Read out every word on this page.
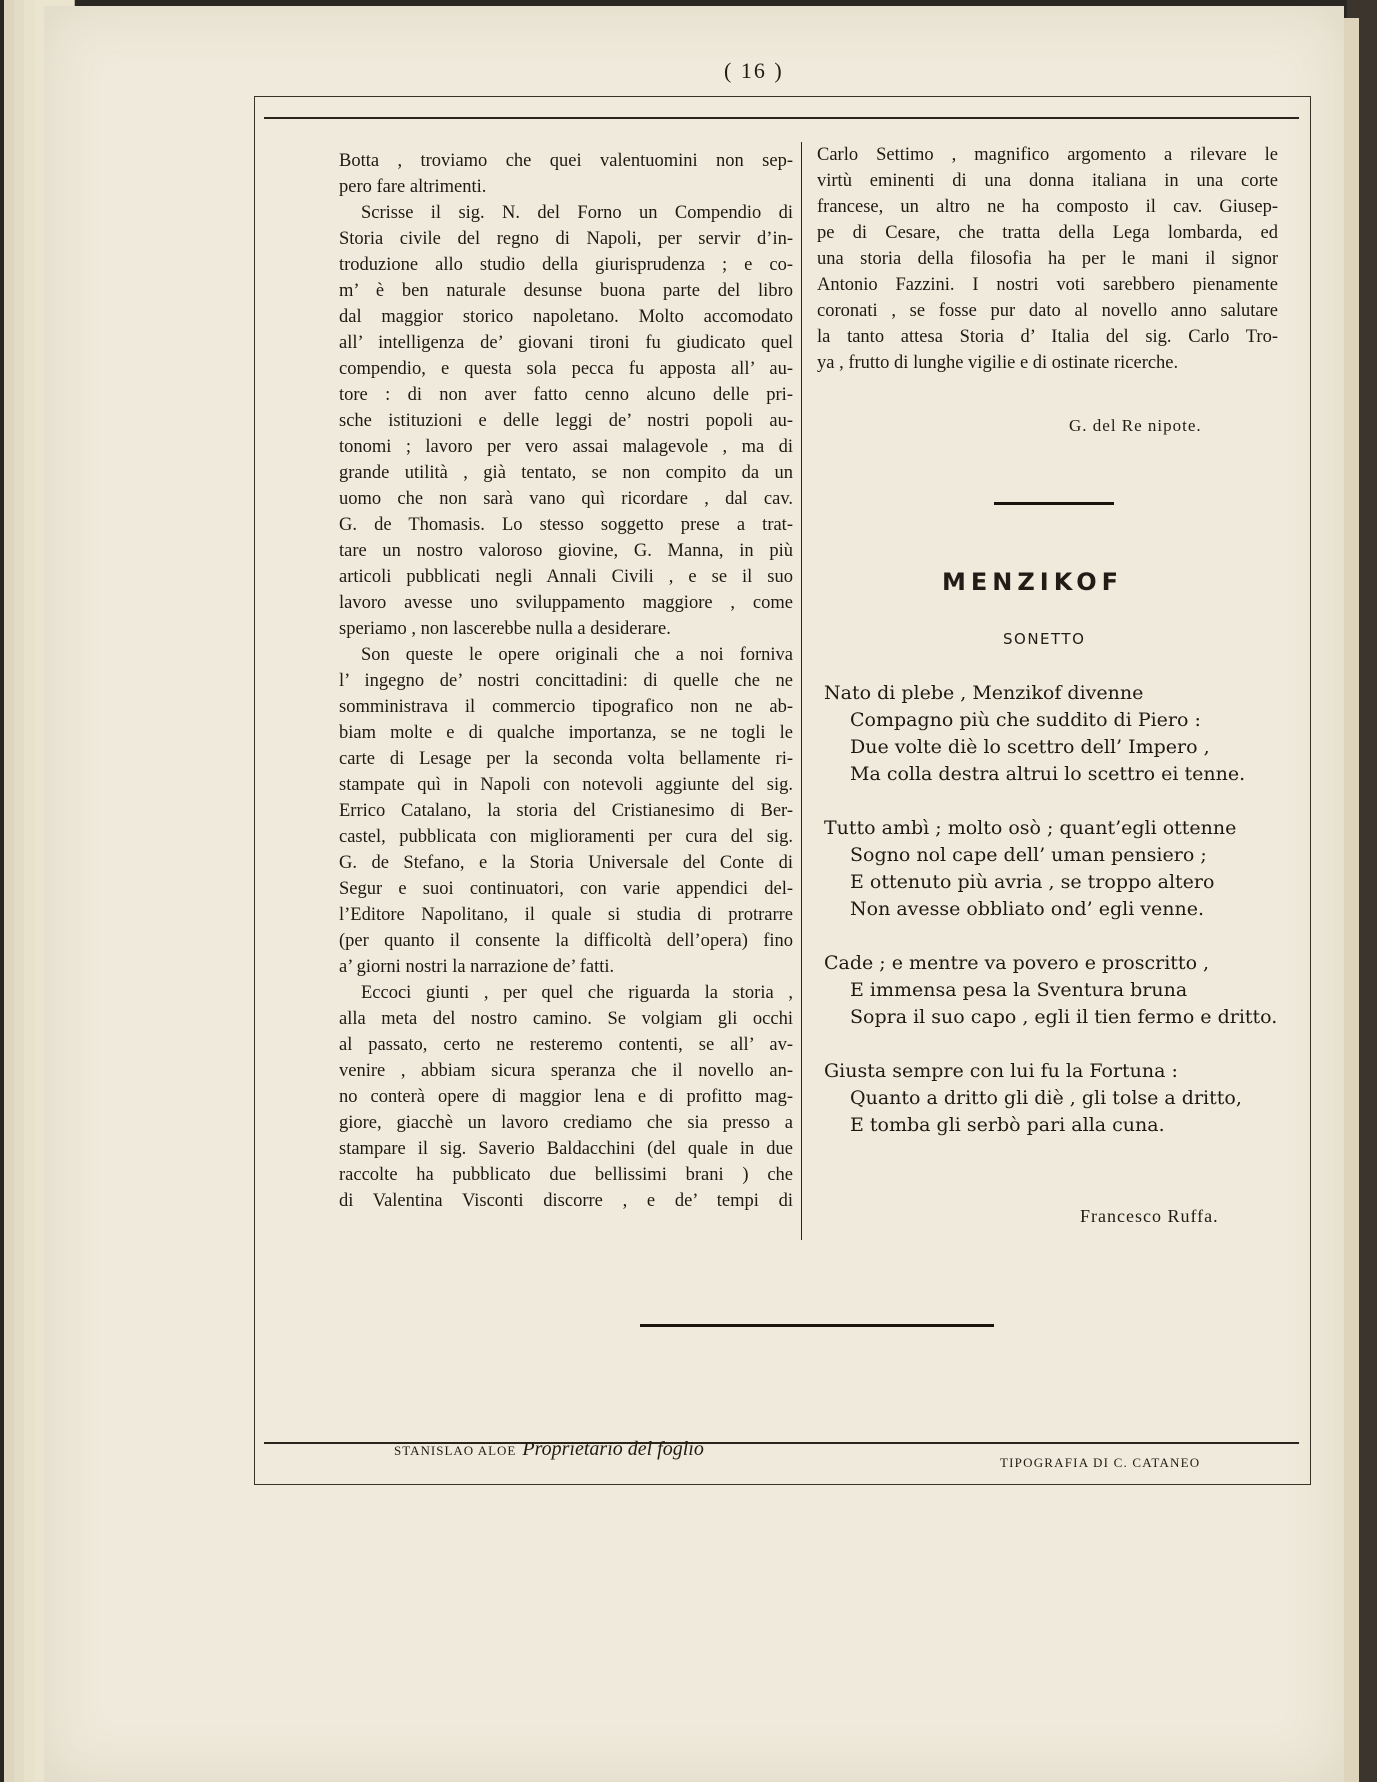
( 16 )
Botta , troviamo che quei valentuomini non sep-
pero fare altrimenti.
Scrisse il sig. N. del Forno un Compendio di
Storia civile del regno di Napoli, per servir d’in-
troduzione allo studio della giurisprudenza ; e co-
m’ è ben naturale desunse buona parte del libro
dal maggior storico napoletano. Molto accomodato
all’ intelligenza de’ giovani tironi fu giudicato quel
compendio, e questa sola pecca fu apposta all’ au-
tore : di non aver fatto cenno alcuno delle pri-
sche istituzioni e delle leggi de’ nostri popoli au-
tonomi ; lavoro per vero assai malagevole , ma di
grande utilità , già tentato, se non compito da un
uomo che non sarà vano quì ricordare , dal cav.
G. de Thomasis. Lo stesso soggetto prese a trat-
tare un nostro valoroso giovine, G. Manna, in più
articoli pubblicati negli Annali Civili , e se il suo
lavoro avesse uno sviluppamento maggiore , come
speriamo , non lascerebbe nulla a desiderare.
Son queste le opere originali che a noi forniva
l’ ingegno de’ nostri concittadini: di quelle che ne
somministrava il commercio tipografico non ne ab-
biam molte e di qualche importanza, se ne togli le
carte di Lesage per la seconda volta bellamente ri-
stampate quì in Napoli con notevoli aggiunte del sig.
Errico Catalano, la storia del Cristianesimo di Ber-
castel, pubblicata con miglioramenti per cura del sig.
G. de Stefano, e la Storia Universale del Conte di
Segur e suoi continuatori, con varie appendici del-
l’Editore Napolitano, il quale si studia di protrarre
(per quanto il consente la difficoltà dell’opera) fino
a’ giorni nostri la narrazione de’ fatti.
Eccoci giunti , per quel che riguarda la storia ,
alla meta del nostro camino. Se volgiam gli occhi
al passato, certo ne resteremo contenti, se all’ av-
venire , abbiam sicura speranza che il novello an-
no conterà opere di maggior lena e di profitto mag-
giore, giacchè un lavoro crediamo che sia presso a
stampare il sig. Saverio Baldacchini (del quale in due
raccolte ha pubblicato due bellissimi brani ) che
di Valentina Visconti discorre , e de’ tempi di
Carlo Settimo , magnifico argomento a rilevare le
virtù eminenti di una donna italiana in una corte
francese, un altro ne ha composto il cav. Giusep-
pe di Cesare, che tratta della Lega lombarda, ed
una storia della filosofia ha per le mani il signor
Antonio Fazzini. I nostri voti sarebbero pienamente
coronati , se fosse pur dato al novello anno salutare
la tanto attesa Storia d’ Italia del sig. Carlo Tro-
ya , frutto di lunghe vigilie e di ostinate ricerche.
G. del Re nipote.
MENZIKOF
SONETTO
Nato di plebe , Menzikof divenne
Compagno più che suddito di Piero :
Due volte diè lo scettro dell’ Impero ,
Ma colla destra altrui lo scettro ei tenne.
Tutto ambì ; molto osò ; quant’egli ottenne
Sogno nol cape dell’ uman pensiero ;
E ottenuto più avria , se troppo altero
Non avesse obbliato ond’ egli venne.
Cade ; e mentre va povero e proscritto ,
E immensa pesa la Sventura bruna
Sopra il suo capo , egli il tien fermo e dritto.
Giusta sempre con lui fu la Fortuna :
Quanto a dritto gli diè , gli tolse a dritto,
E tomba gli serbò pari alla cuna.
Francesco Ruffa.
STANISLAO ALOE Proprietario del foglio
TIPOGRAFIA DI C. CATANEO
